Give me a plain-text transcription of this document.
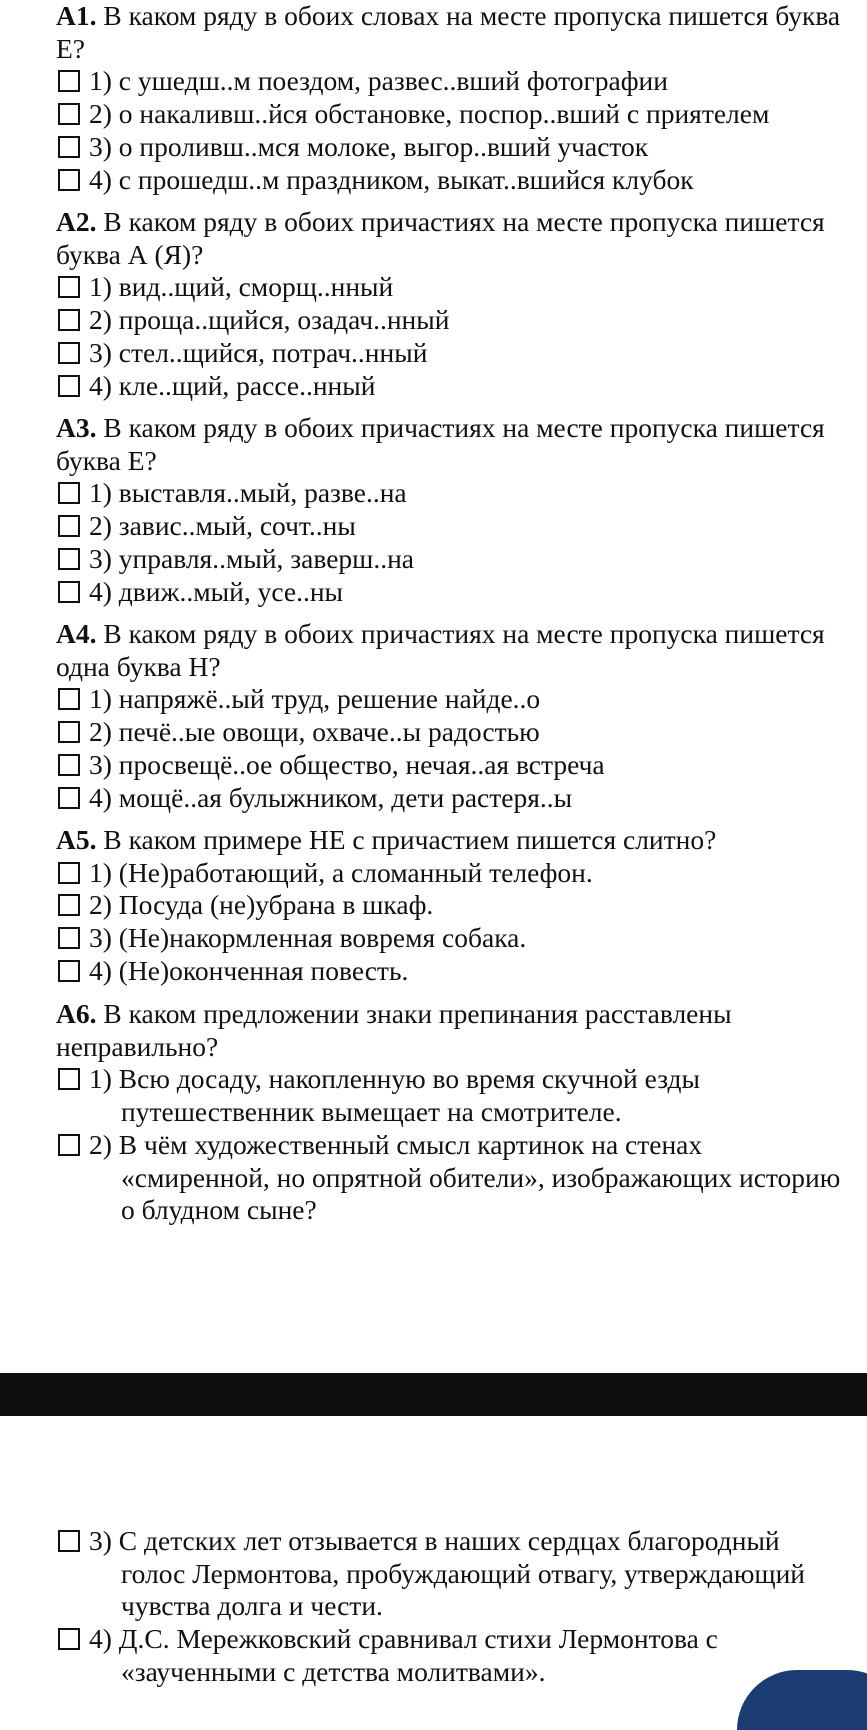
А1. В каком ряду в обоих словах на месте пропуска пишется буква Е?

1) с ушедш..м поездом, развес..вший фотографии
2) о накаливш..йся обстановке, поспор..вший с приятелем
3) о проливш..мся молоке, выгор..вший участок
4) с прошедш..м праздником, выкат..вшийся клубок

А2. В каком ряду в обоих причастиях на месте пропуска пишется буква А (Я)?

1) вид..щий, сморщ..нный
2) проща..щийся, озадач..нный
3) стел..щийся, потрач..нный
4) кле..щий, рассе..нный

А3. В каком ряду в обоих причастиях на месте пропуска пишется буква Е?

1) выставля..мый, разве..на
2) завис..мый, сочт..ны
3) управля..мый, заверш..на
4) движ..мый, усе..ны

А4. В каком ряду в обоих причастиях на месте пропуска пишется одна буква Н?

1) напряжё..ый труд, решение найде..о
2) печё..ые овощи, охваче..ы радостью
3) просвещё..ое общество, нечая..ая встреча
4) мощё..ая булыжником, дети растеря..ы

А5. В каком примере НЕ с причастием пишется слитно?

1) (Не)работающий, а сломанный телефон.
2) Посуда (не)убрана в шкаф.
3) (Не)накормленная вовремя собака.
4) (Не)оконченная повесть.

А6. В каком предложении знаки препинания расставлены неправильно?

1) Всю досаду, накопленную во время скучной езды путешественник вымещает на смотрителе.
2) В чём художественный смысл картинок на стенах «смиренной, но опрятной обители», изображающих историю о блудном сыне?
3) С детских лет отзывается в наших сердцах благородный голос Лермонтова, пробуждающий отвагу, утверждающий чувства долга и чести.
4) Д.С. Мережковский сравнивал стихи Лермонтова с «заученными с детства молитвами».
